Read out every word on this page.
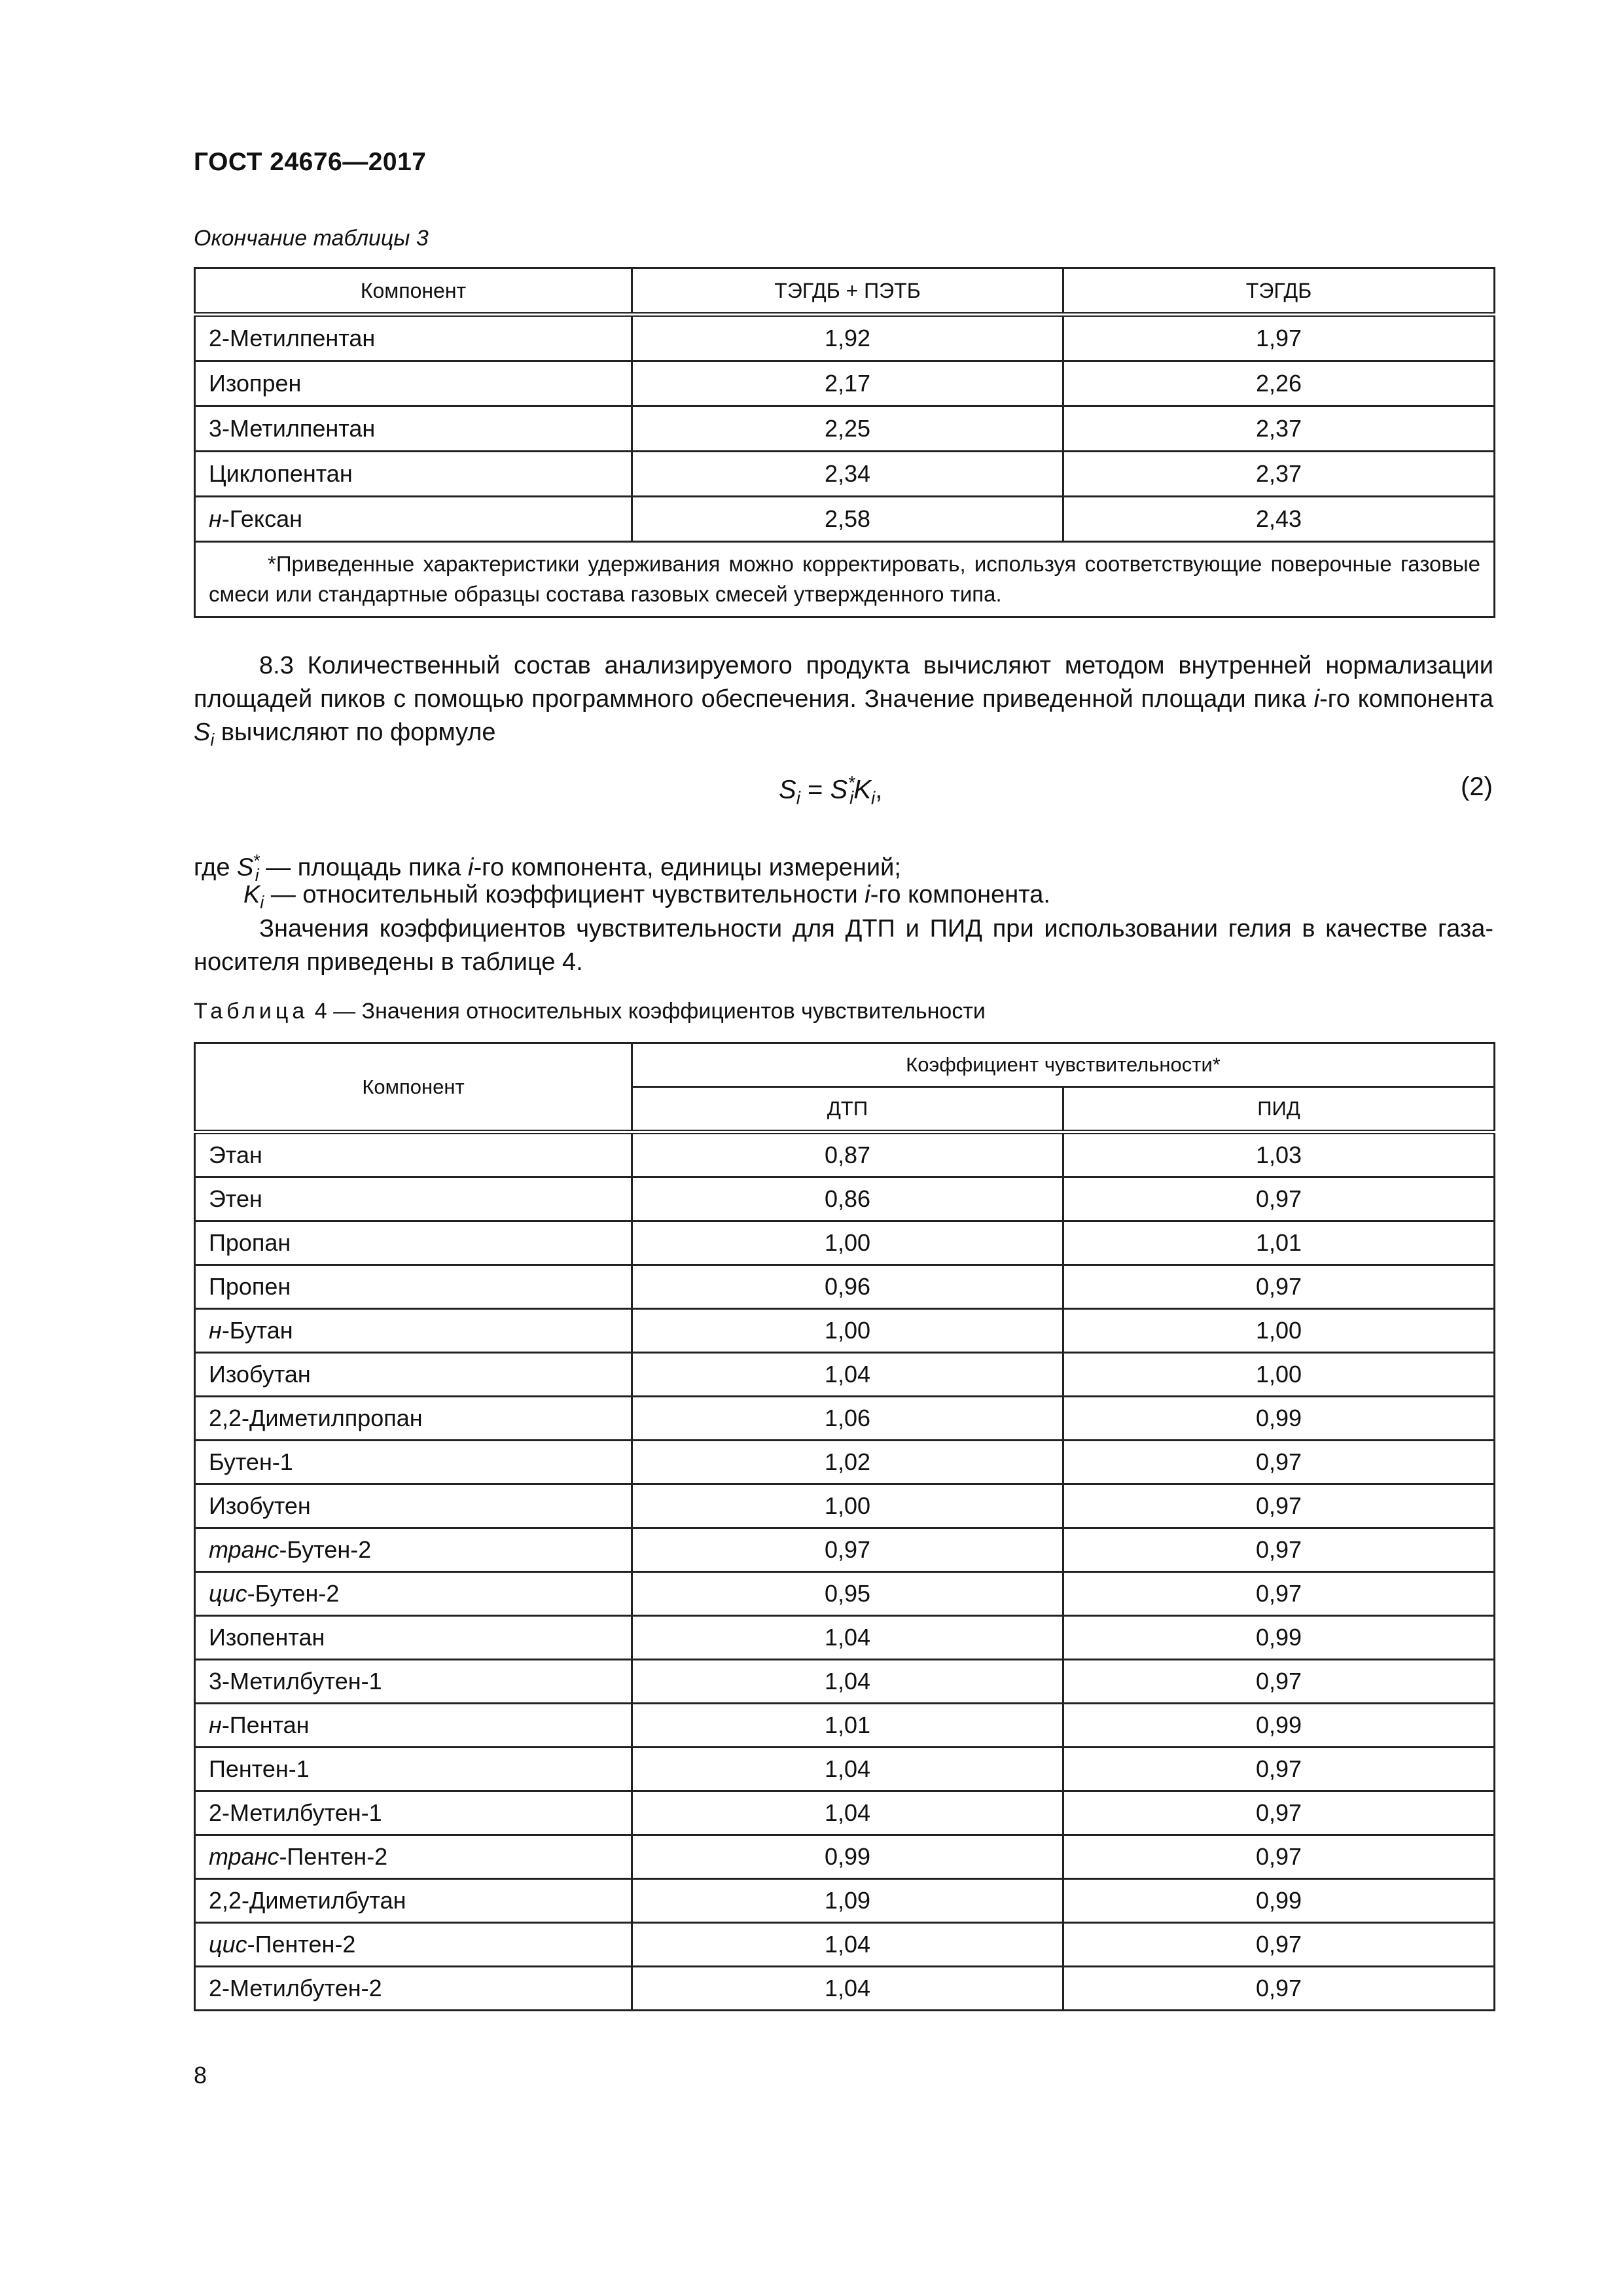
ГОСТ 24676—2017
Окончание таблицы 3
Компонент	ТЭГДБ + ПЭТБ	ТЭГДБ
2-Метилпентан	1,92	1,97
Изопрен	2,17	2,26
3-Метилпентан	2,25	2,37
Циклопентан	2,34	2,37
н-Гексан	2,58	2,43
*Приведенные характеристики удерживания можно корректировать, используя соответствующие поверочные газовые смеси или стандартные образцы состава газовых смесей утвержденного типа.		
8.3 Количественный состав анализируемого продукта вычисляют методом внутренней нормализации площадей пиков с помощью программного обеспечения. Значение приведенной площади пика i-го компонента $S_i$ вычисляют по формуле
$S_i = S^*_iK_i$,	(2)
где $S^*_i$ — площадь пика i-го компонента, единицы измерений;
$K_i$ — относительный коэффициент чувствительности i-го компонента.
Значения коэффициентов чувствительности для ДТП и ПИД при использовании гелия в качестве газа-носителя приведены в таблице 4.
Таблица 4 — Значения относительных коэффициентов чувствительности
Компонент	Коэффициент чувствительности*	
	ДТП	ПИД
Этан	0,87	1,03
Этен	0,86	0,97
Пропан	1,00	1,01
Пропен	0,96	0,97
н-Бутан	1,00	1,00
Изобутан	1,04	1,00
2,2-Диметилпропан	1,06	0,99
Бутен-1	1,02	0,97
Изобутен	1,00	0,97
транс-Бутен-2	0,97	0,97
цис-Бутен-2	0,95	0,97
Изопентан	1,04	0,99
3-Метилбутен-1	1,04	0,97
н-Пентан	1,01	0,99
Пентен-1	1,04	0,97
2-Метилбутен-1	1,04	0,97
транс-Пентен-2	0,99	0,97
2,2-Диметилбутан	1,09	0,99
цис-Пентен-2	1,04	0,97
2-Метилбутен-2	1,04	0,97
8
